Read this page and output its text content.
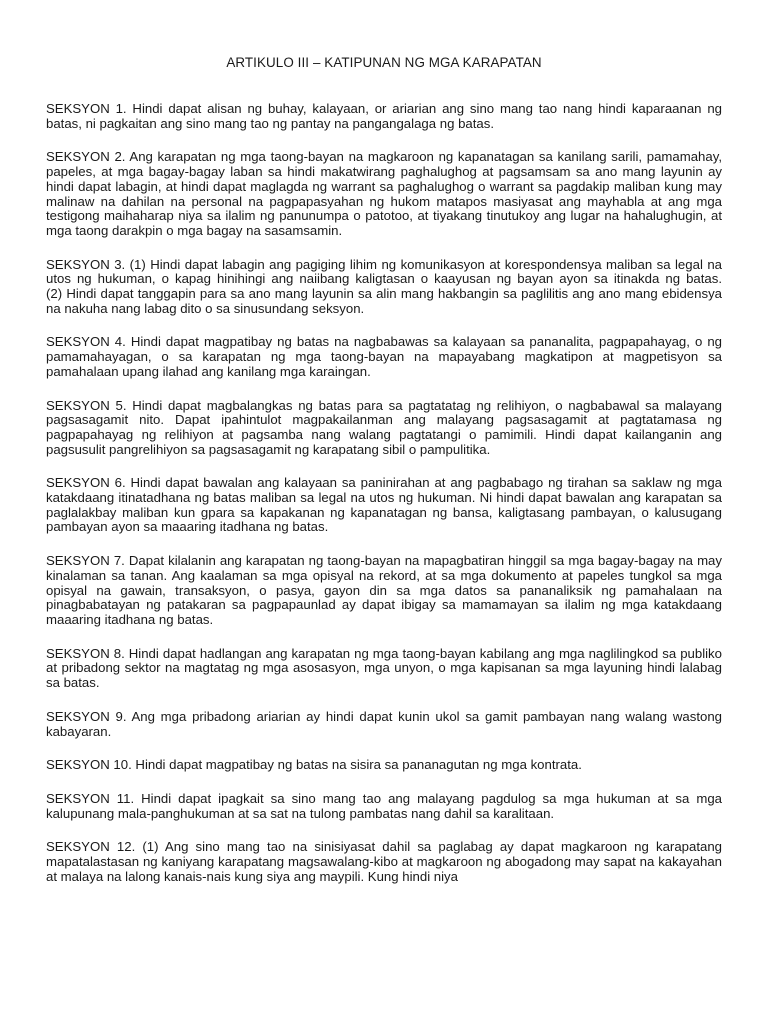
ARTIKULO III – KATIPUNAN NG MGA KARAPATAN

SEKSYON 1. Hindi dapat alisan ng buhay, kalayaan, or ariarian ang sino mang tao nang hindi kaparaanan ng batas, ni pagkaitan ang sino mang tao ng pantay na pangangalaga ng batas.

SEKSYON 2. Ang karapatan ng mga taong-bayan na magkaroon ng kapanatagan sa kanilang sarili, pamamahay, papeles, at mga bagay-bagay laban sa hindi makatwirang paghalughog at pagsamsam sa ano mang layunin ay hindi dapat labagin, at hindi dapat maglagda ng warrant sa paghalughog o warrant sa pagdakip maliban kung may malinaw na dahilan na personal na pagpapasyahan ng hukom matapos masiyasat ang mayhabla at ang mga testigong maihaharap niya sa ilalim ng panunumpa o patotoo, at tiyakang tinutukoy ang lugar na hahalughugin, at mga taong darakpin o mga bagay na sasamsamin.

SEKSYON 3. (1) Hindi dapat labagin ang pagiging lihim ng komunikasyon at korespondensya maliban sa legal na utos ng hukuman, o kapag hinihingi ang naiibang kaligtasan o kaayusan ng bayan ayon sa itinakda ng batas.

(2) Hindi dapat tanggapin para sa ano mang layunin sa alin mang hakbangin sa paglilitis ang ano mang ebidensya na nakuha nang labag dito o sa sinusundang seksyon.

SEKSYON 4. Hindi dapat magpatibay ng batas na nagbabawas sa kalayaan sa pananalita, pagpapahayag, o ng pamamahayagan, o sa karapatan ng mga taong-bayan na mapayabang magkatipon at magpetisyon sa pamahalaan upang ilahad ang kanilang mga karaingan.

SEKSYON 5. Hindi dapat magbalangkas ng batas para sa pagtatatag ng relihiyon, o nagbabawal sa malayang pagsasagamit nito. Dapat ipahintulot magpakailanman ang malayang pagsasagamit at pagtatamasa ng pagpapahayag ng relihiyon at pagsamba nang walang pagtatangi o pamimili. Hindi dapat kailanganin ang pagsusulit pangrelihiyon sa pagsasagamit ng karapatang sibil o pampulitika.

SEKSYON 6. Hindi dapat bawalan ang kalayaan sa paninirahan at ang pagbabago ng tirahan sa saklaw ng mga katakdaang itinatadhana ng batas maliban sa legal na utos ng hukuman. Ni hindi dapat bawalan ang karapatan sa paglalakbay maliban kun gpara sa kapakanan ng kapanatagan ng bansa, kaligtasang pambayan, o kalusugang pambayan ayon sa maaaring itadhana ng batas.

SEKSYON 7. Dapat kilalanin ang karapatan ng taong-bayan na mapagbatiran hinggil sa mga bagay-bagay na may kinalaman sa tanan. Ang kaalaman sa mga opisyal na rekord, at sa mga dokumento at papeles tungkol sa mga opisyal na gawain, transaksyon, o pasya, gayon din sa mga datos sa pananaliksik ng pamahalaan na pinagbabatayan ng patakaran sa pagpapaunlad ay dapat ibigay sa mamamayan sa ilalim ng mga katakdaang maaaring itadhana ng batas.

SEKSYON 8. Hindi dapat hadlangan ang karapatan ng mga taong-bayan kabilang ang mga naglilingkod sa publiko at pribadong sektor na magtatag ng mga asosasyon, mga unyon, o mga kapisanan sa mga layuning hindi lalabag sa batas.

SEKSYON 9. Ang mga pribadong ariarian ay hindi dapat kunin ukol sa gamit pambayan nang walang wastong kabayaran.

SEKSYON 10. Hindi dapat magpatibay ng batas na sisira sa pananagutan ng mga kontrata.

SEKSYON 11. Hindi dapat ipagkait sa sino mang tao ang malayang pagdulog sa mga hukuman at sa mga kalupunang mala-panghukuman at sa sat na tulong pambatas nang dahil sa karalitaan.

SEKSYON 12. (1) Ang sino mang tao na sinisiyasat dahil sa paglabag ay dapat magkaroon ng karapatang mapatalastasan ng kaniyang karapatang magsawalang-kibo at magkaroon ng abogadong may sapat na kakayahan at malaya na lalong kanais-nais kung siya ang maypili. Kung hindi niya
